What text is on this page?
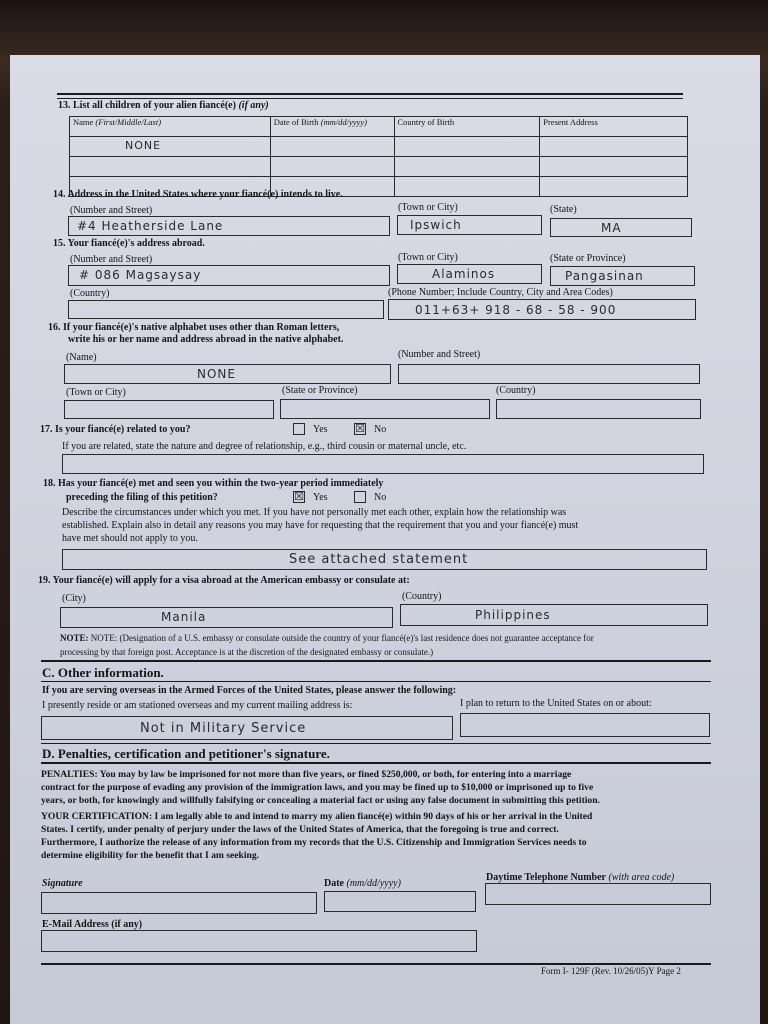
13. List all children of your alien fiancé(e) (if any)
Name (First/Middle/Last)	Date of Birth (mm/dd/yyyy)	Country of Birth	Present Address
NONE			

14. Address in the United States where your fiancé(e) intends to live.
(Number and Street)	(Town or City)	(State)
#4 Heatherside Lane	Ipswich	MA
15. Your fiancé(e)'s address abroad.
(Number and Street)	(Town or City)	(State or Province)
# 086 Magsaysay	Alaminos	Pangasinan
(Country)	(Phone Number; Include Country, City and Area Codes)
011+63+ 918 - 68 - 58 - 900
16. If your fiancé(e)'s native alphabet uses other than Roman letters,
write his or her name and address abroad in the native alphabet.
(Name)	(Number and Street)
NONE
(Town or City)	(State or Province)	(Country)
17. Is your fiancé(e) related to you?	Yes	☒ No
If you are related, state the nature and degree of relationship, e.g., third cousin or maternal uncle, etc.
18. Has your fiancé(e) met and seen you within the two-year period immediately
preceding the filing of this petition?	☒ Yes	No
Describe the circumstances under which you met. If you have not personally met each other, explain how the relationship was
established. Explain also in detail any reasons you may have for requesting that the requirement that you and your fiancé(e) must
have met should not apply to you.
See attached statement
19. Your fiancé(e) will apply for a visa abroad at the American embassy or consulate at:
(City)	(Country)
Manila	Philippines
NOTE: NOTE: (Designation of a U.S. embassy or consulate outside the country of your fiancé(e)'s last residence does not guarantee acceptance for
processing by that foreign post. Acceptance is at the discretion of the designated embassy or consulate.)
C. Other information.
If you are serving overseas in the Armed Forces of the United States, please answer the following:
I presently reside or am stationed overseas and my current mailing address is:	I plan to return to the United States on or about:
Not in Military Service
D. Penalties, certification and petitioner's signature.
PENALTIES: You may by law be imprisoned for not more than five years, or fined $250,000, or both, for entering into a marriage
contract for the purpose of evading any provision of the immigration laws, and you may be fined up to $10,000 or imprisoned up to five
years, or both, for knowingly and willfully falsifying or concealing a material fact or using any false document in submitting this petition.
YOUR CERTIFICATION: I am legally able to and intend to marry my alien fiancé(e) within 90 days of his or her arrival in the United
States. I certify, under penalty of perjury under the laws of the United States of America, that the foregoing is true and correct.
Furthermore, I authorize the release of any information from my records that the U.S. Citizenship and Immigration Services needs to
determine eligibility for the benefit that I am seeking.
Signature	Date (mm/dd/yyyy)
Daytime Telephone Number (with area code)
E-Mail Address (if any)
Form I- 129F (Rev. 10/26/05)Y Page 2
